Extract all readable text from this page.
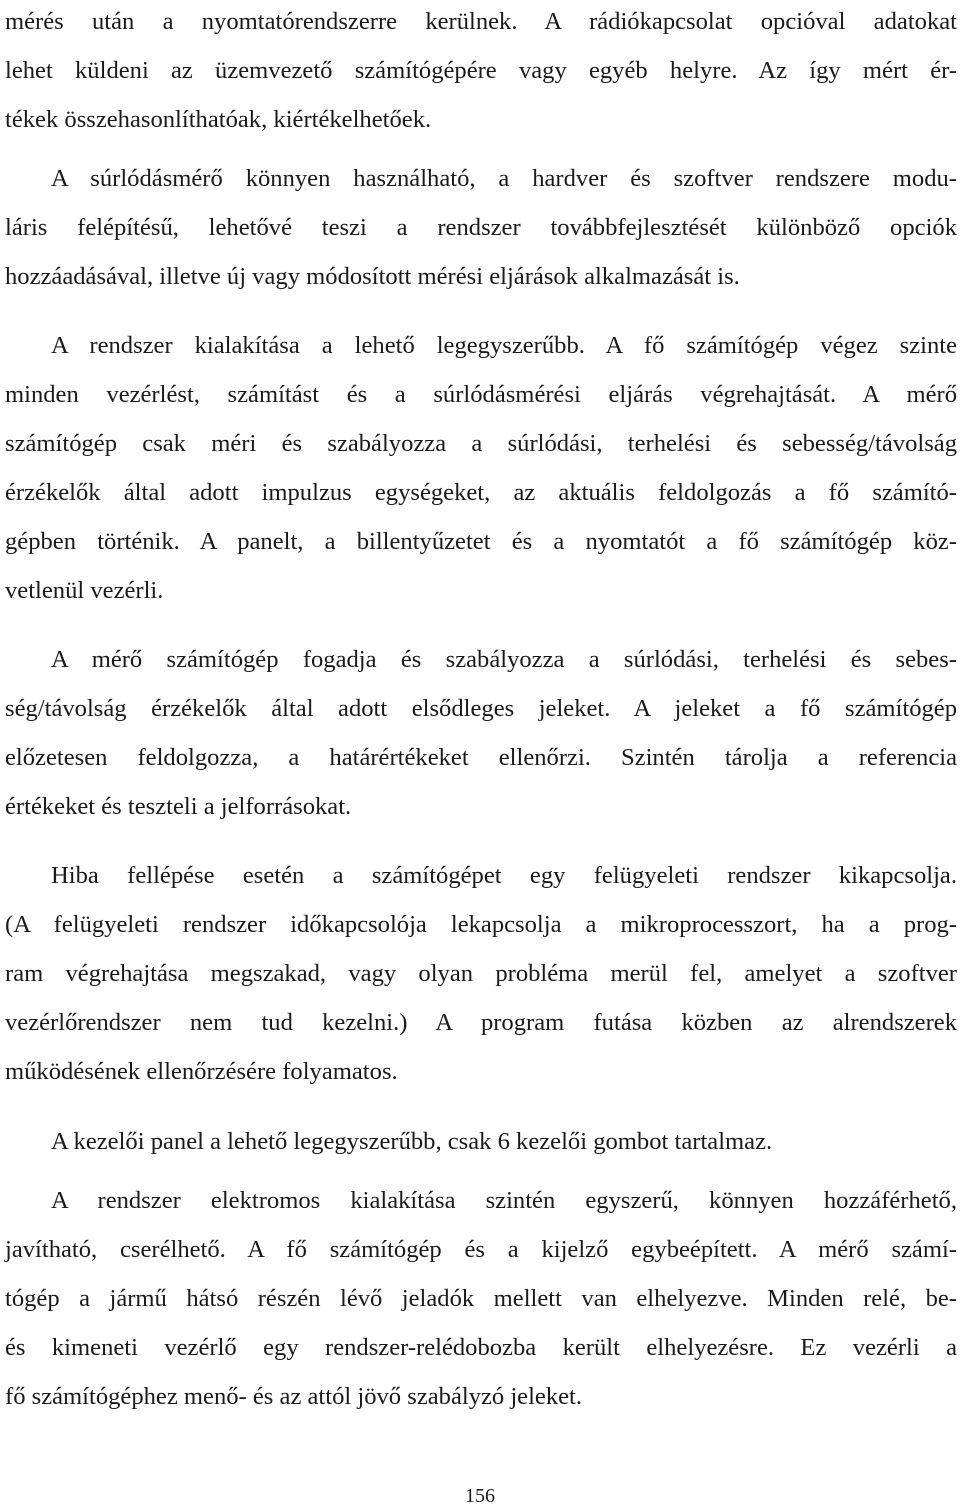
mérés után a nyomtatórendszerre kerülnek. A rádiókapcsolat opcióval adatokat
lehet küldeni az üzemvezető számítógépére vagy egyéb helyre. Az így mért ér-
tékek összehasonlíthatóak, kiértékelhetőek.
A súrlódásmérő könnyen használható, a hardver és szoftver rendszere modu-
láris felépítésű, lehetővé teszi a rendszer továbbfejlesztését különböző opciók
hozzáadásával, illetve új vagy módosított mérési eljárások alkalmazását is.
A rendszer kialakítása a lehető legegyszerűbb. A fő számítógép végez szinte
minden vezérlést, számítást és a súrlódásmérési eljárás végrehajtását. A mérő
számítógép csak méri és szabályozza a súrlódási, terhelési és sebesség/távolság
érzékelők által adott impulzus egységeket, az aktuális feldolgozás a fő számító-
gépben történik. A panelt, a billentyűzetet és a nyomtatót a fő számítógép köz-
vetlenül vezérli.
A mérő számítógép fogadja és szabályozza a súrlódási, terhelési és sebes-
ség/távolság érzékelők által adott elsődleges jeleket. A jeleket a fő számítógép
előzetesen feldolgozza, a határértékeket ellenőrzi. Szintén tárolja a referencia
értékeket és teszteli a jelforrásokat.
Hiba fellépése esetén a számítógépet egy felügyeleti rendszer kikapcsolja.
(A felügyeleti rendszer időkapcsolója lekapcsolja a mikroprocesszort, ha a prog-
ram végrehajtása megszakad, vagy olyan probléma merül fel, amelyet a szoftver
vezérlőrendszer nem tud kezelni.) A program futása közben az alrendszerek
működésének ellenőrzésére folyamatos.
A kezelői panel a lehető legegyszerűbb, csak 6 kezelői gombot tartalmaz.
A rendszer elektromos kialakítása szintén egyszerű, könnyen hozzáférhető,
javítható, cserélhető. A fő számítógép és a kijelző egybeépített. A mérő számí-
tógép a jármű hátsó részén lévő jeladók mellett van elhelyezve. Minden relé, be-
és kimeneti vezérlő egy rendszer-relédobozba került elhelyezésre. Ez vezérli a
fő számítógéphez menő- és az attól jövő szabályzó jeleket.
156
